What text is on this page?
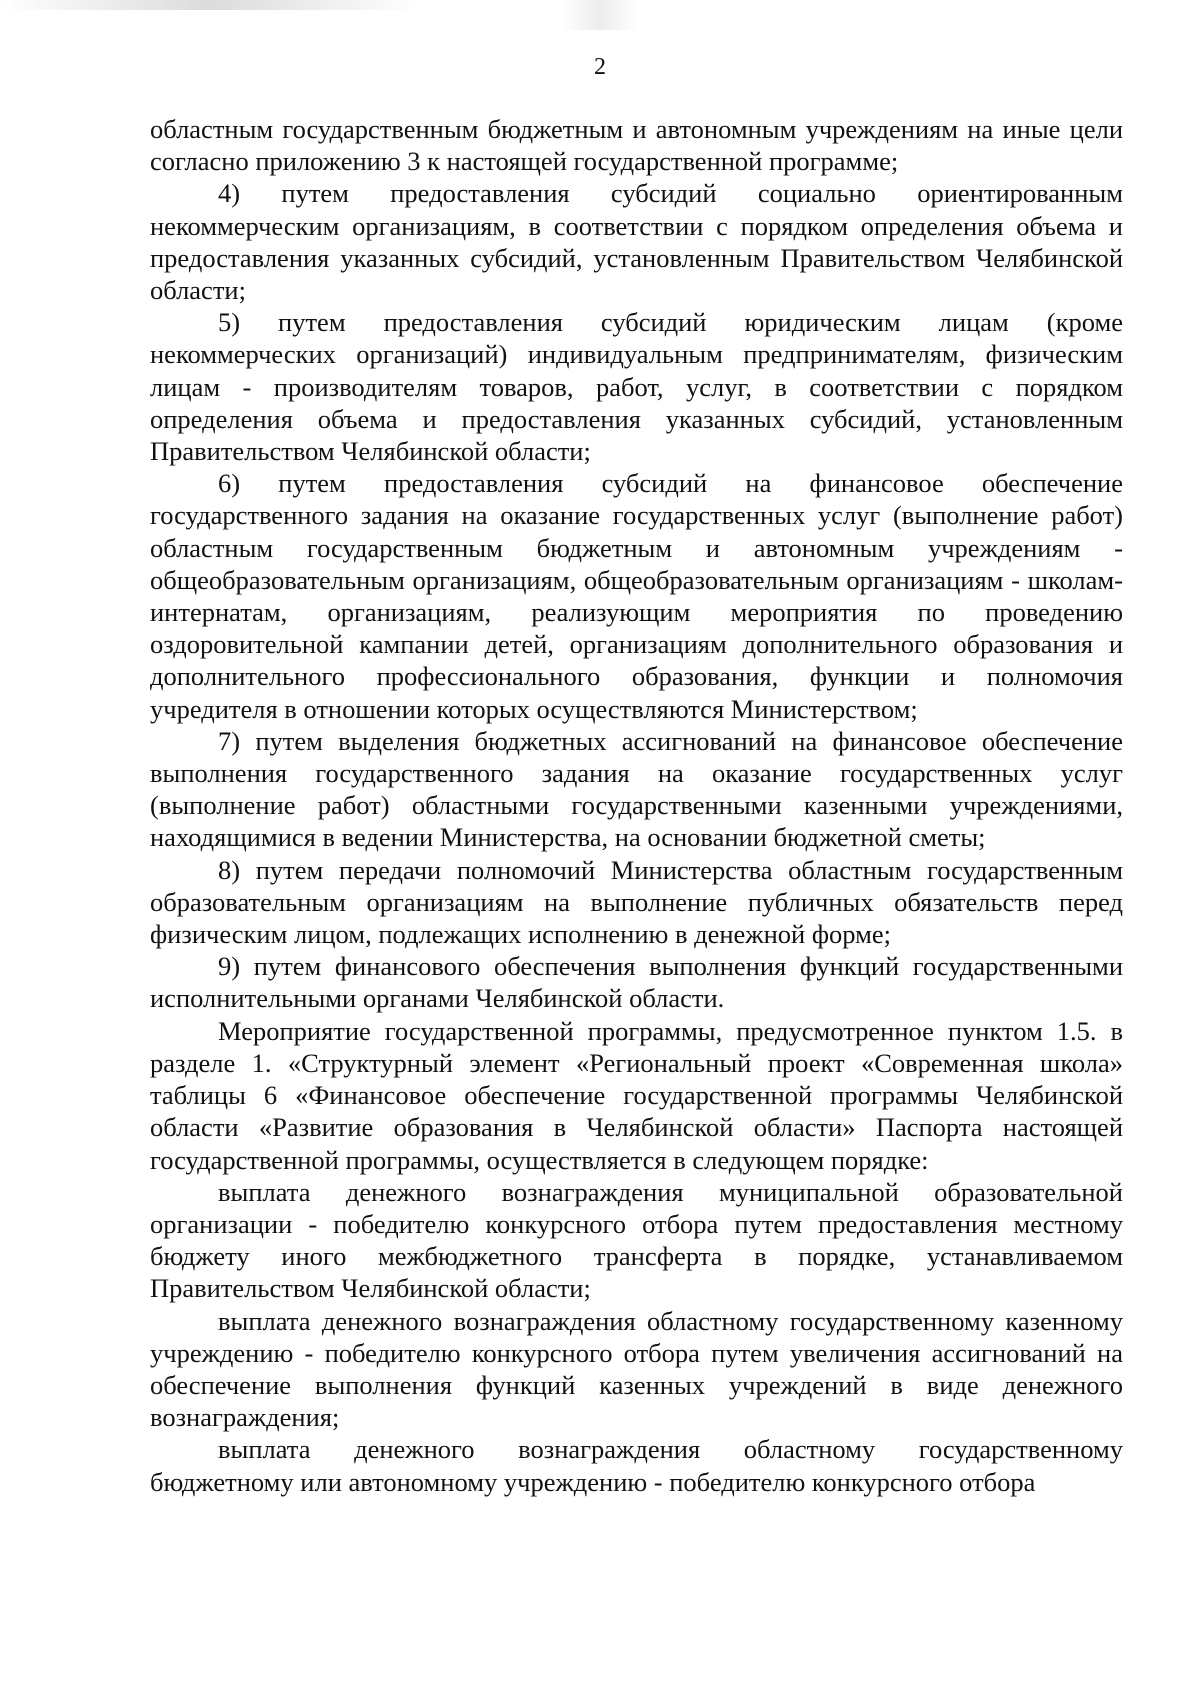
2

областным государственным бюджетным и автономным учреждениям на иные цели согласно приложению 3 к настоящей государственной программе;

4) путем предоставления субсидий социально ориентированным некоммерческим организациям, в соответствии с порядком определения объема и предоставления указанных субсидий, установленным Правительством Челябинской области;

5) путем предоставления субсидий юридическим лицам (кроме некоммерческих организаций) индивидуальным предпринимателям, физическим лицам - производителям товаров, работ, услуг, в соответствии с порядком определения объема и предоставления указанных субсидий, установленным Правительством Челябинской области;

6) путем предоставления субсидий на финансовое обеспечение государственного задания на оказание государственных услуг (выполнение работ) областным государственным бюджетным и автономным учреждениям - общеобразовательным организациям, общеобразовательным организациям - школам-интернатам, организациям, реализующим мероприятия по проведению оздоровительной кампании детей, организациям дополнительного образования и дополнительного профессионального образования, функции и полномочия учредителя в отношении которых осуществляются Министерством;

7) путем выделения бюджетных ассигнований на финансовое обеспечение выполнения государственного задания на оказание государственных услуг (выполнение работ) областными государственными казенными учреждениями, находящимися в ведении Министерства, на основании бюджетной сметы;

8) путем передачи полномочий Министерства областным государственным образовательным организациям на выполнение публичных обязательств перед физическим лицом, подлежащих исполнению в денежной форме;

9) путем финансового обеспечения выполнения функций государственными исполнительными органами Челябинской области.

Мероприятие государственной программы, предусмотренное пунктом 1.5. в разделе 1. «Структурный элемент «Региональный проект «Современная школа» таблицы 6 «Финансовое обеспечение государственной программы Челябинской области «Развитие образования в Челябинской области» Паспорта настоящей государственной программы, осуществляется в следующем порядке:

выплата денежного вознаграждения муниципальной образовательной организации - победителю конкурсного отбора путем предоставления местному бюджету иного межбюджетного трансферта в порядке, устанавливаемом Правительством Челябинской области;

выплата денежного вознаграждения областному государственному казенному учреждению - победителю конкурсного отбора путем увеличения ассигнований на обеспечение выполнения функций казенных учреждений в виде денежного вознаграждения;

выплата денежного вознаграждения областному государственному бюджетному или автономному учреждению - победителю конкурсного отбора
